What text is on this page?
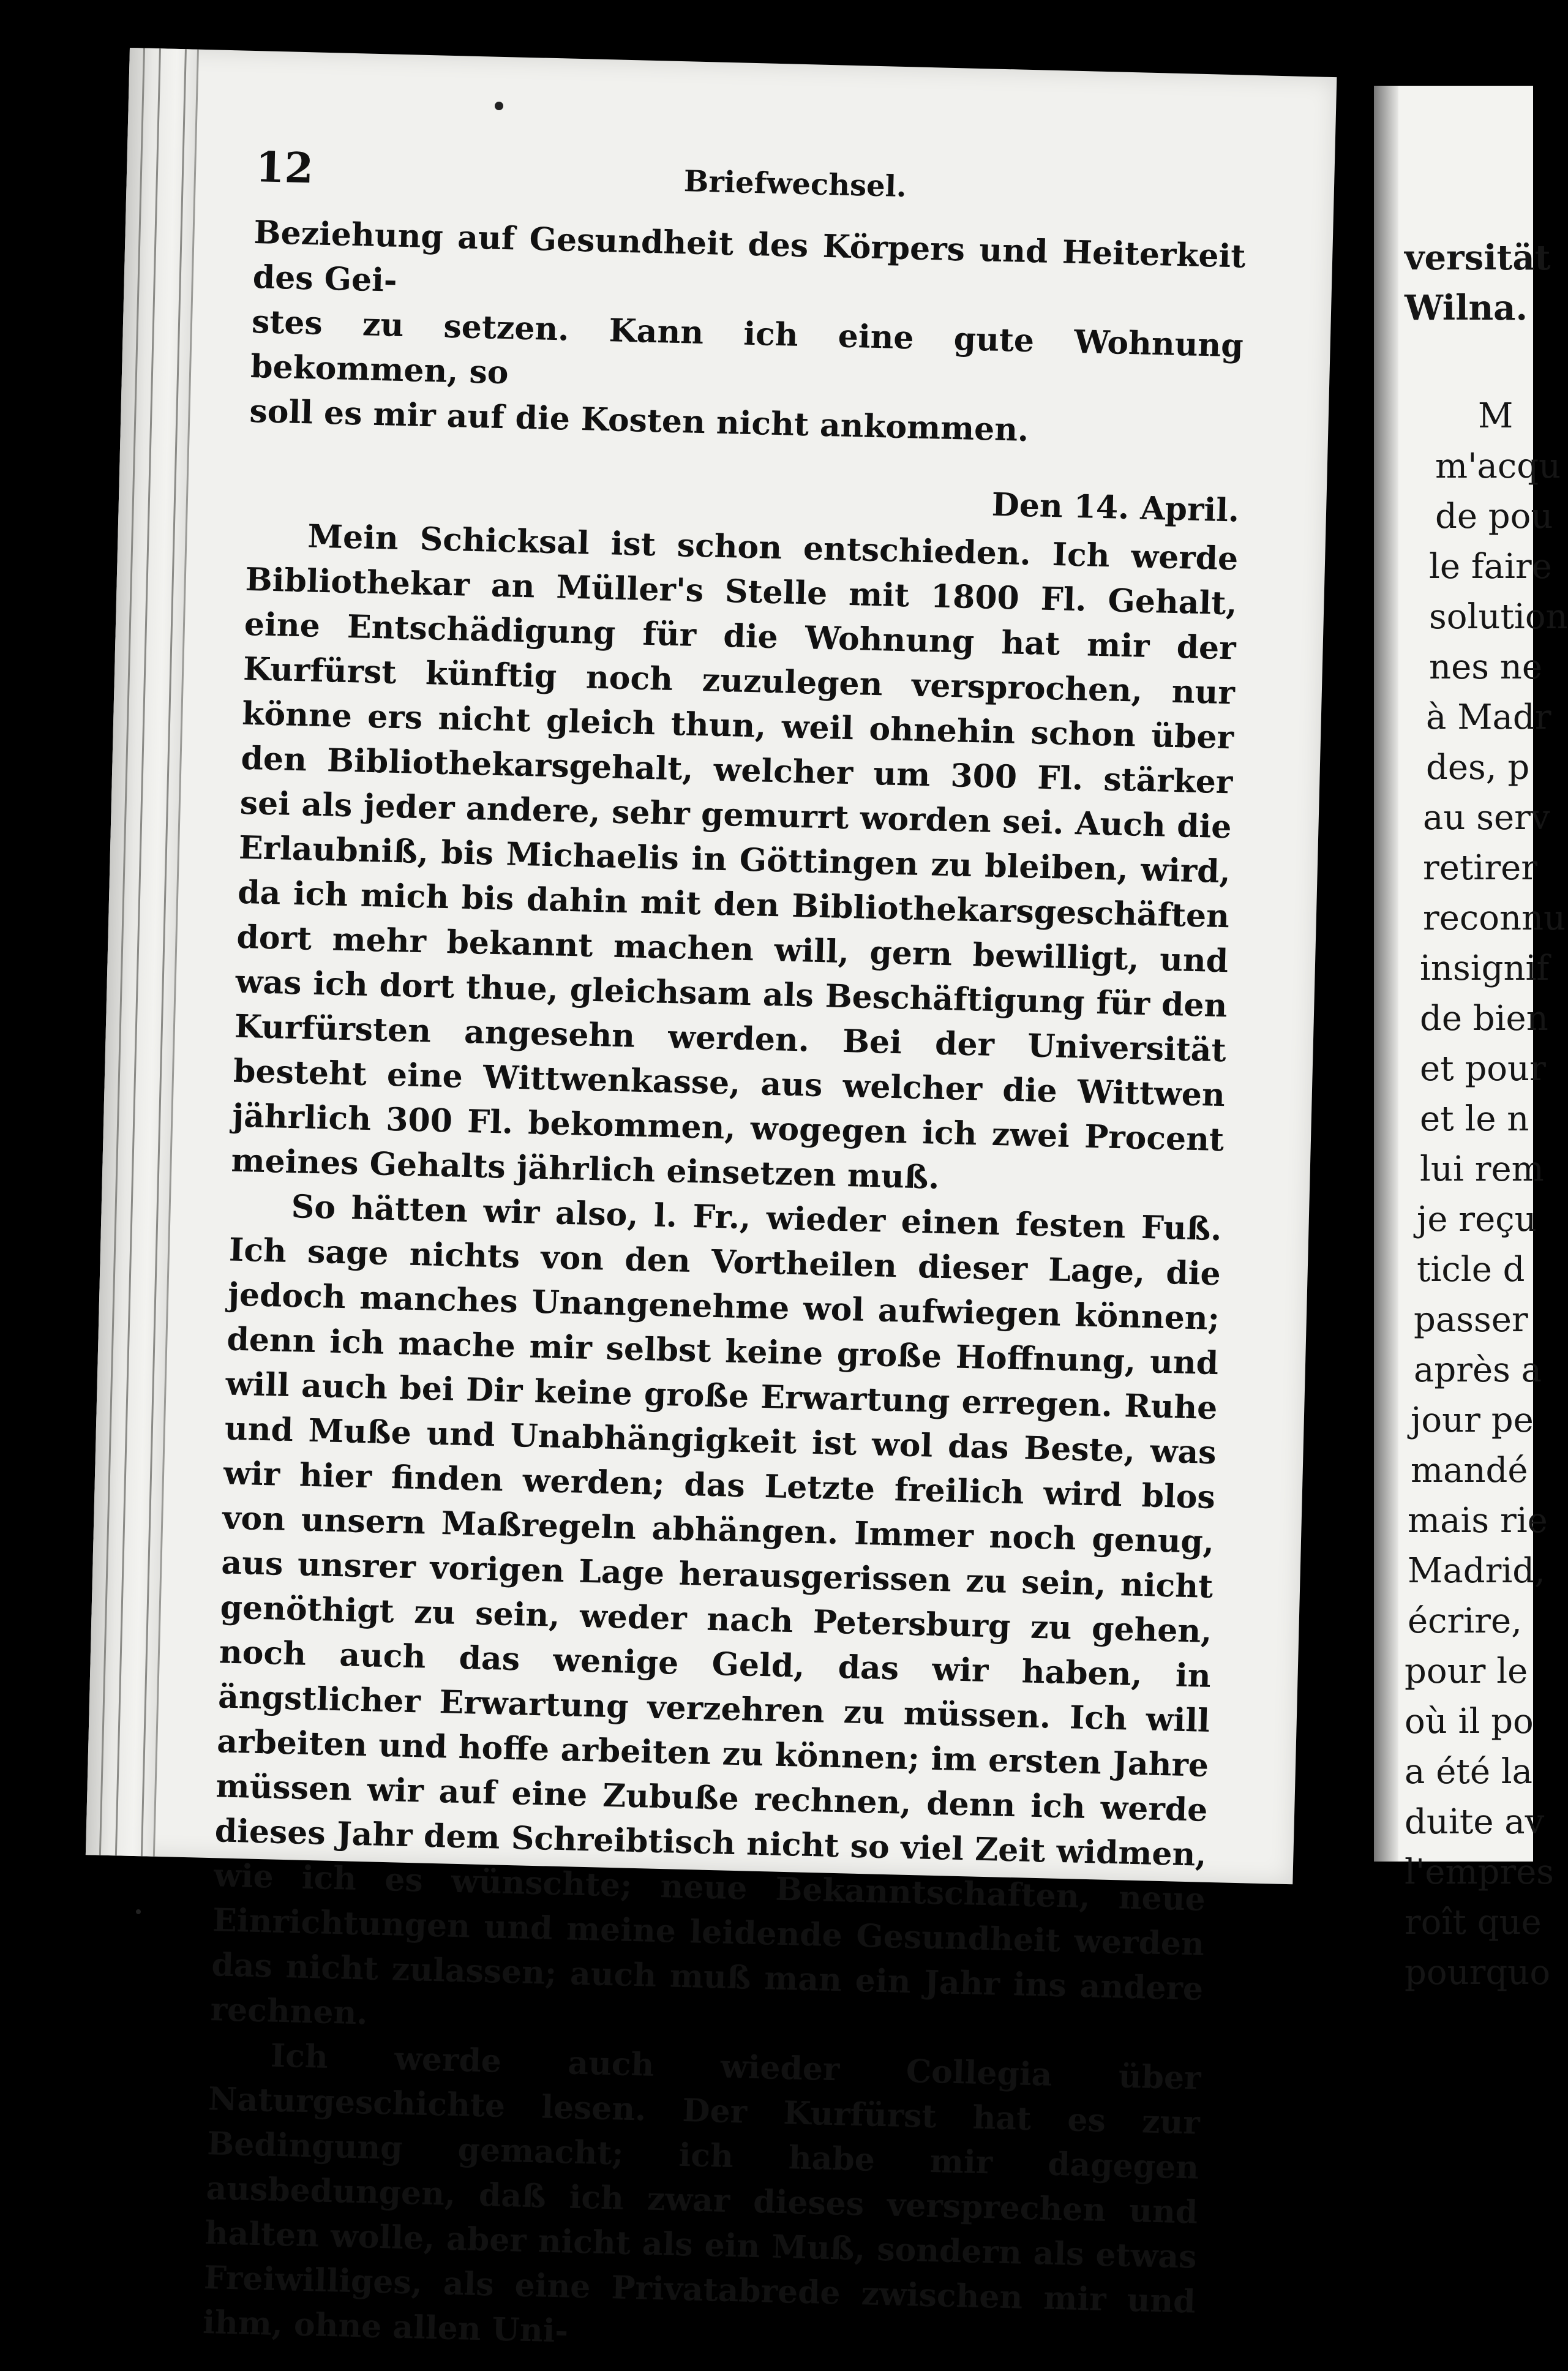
12	Briefwechsel.
Beziehung auf Gesundheit des Körpers und Heiterkeit des Gei-
stes zu setzen. Kann ich eine gute Wohnung bekommen, so
soll es mir auf die Kosten nicht ankommen.
Den 14. April.

Mein Schicksal ist schon entschieden. Ich werde Bibliothekar an Müller's Stelle mit 1800 Fl. Gehalt, eine Entschädigung für die Wohnung hat mir der Kurfürst künftig noch zuzulegen versprochen, nur könne ers nicht gleich thun, weil ohnehin schon über den Bibliothekarsgehalt, welcher um 300 Fl. stärker sei als jeder andere, sehr gemurrt worden sei. Auch die Erlaubniß, bis Michaelis in Göttingen zu bleiben, wird, da ich mich bis dahin mit den Bibliothekarsgeschäften dort mehr bekannt machen will, gern bewilligt, und was ich dort thue, gleichsam als Beschäftigung für den Kurfürsten angesehn werden. Bei der Universität besteht eine Wittwenkasse, aus welcher die Wittwen jährlich 300 Fl. bekommen, wogegen ich zwei Procent meines Gehalts jährlich einsetzen muß.

So hätten wir also, l. Fr., wieder einen festen Fuß. Ich sage nichts von den Vortheilen dieser Lage, die jedoch manches Unangenehme wol aufwiegen können; denn ich mache mir selbst keine große Hoffnung, und will auch bei Dir keine große Erwartung erregen. Ruhe und Muße und Unabhängigkeit ist wol das Beste, was wir hier finden werden; das Letzte freilich wird blos von unsern Maßregeln abhängen. Immer noch genug, aus unsrer vorigen Lage herausgerissen zu sein, nicht genöthigt zu sein, weder nach Petersburg zu gehen, noch auch das wenige Geld, das wir haben, in ängstlicher Erwartung verzehren zu müssen. Ich will arbeiten und hoffe arbeiten zu können; im ersten Jahre müssen wir auf eine Zubuße rechnen, denn ich werde dieses Jahr dem Schreibtisch nicht so viel Zeit widmen, wie ich es wünschte; neue Bekanntschaften, neue Einrichtungen und meine leidende Gesundheit werden das nicht zulassen; auch muß man ein Jahr ins andere rechnen.

Ich werde auch wieder Collegia über Naturgeschichte lesen. Der Kurfürst hat es zur Bedingung gemacht; ich habe mir dagegen ausbedungen, daß ich zwar dieses versprechen und halten wolle, aber nicht als ein Muß, sondern als etwas Freiwilliges, als eine Privatabrede zwischen mir und ihm, ohne allen Uni-

versität
Wilna.
M
m'acqu
de pou
le faire
solution
nes ne
à Madr
des, p
au serv
retirer
reconnu
insignif
de bien
et pour
et le n
lui rem
je reçu
ticle d
passer
après a
jour pe
mandé
mais rie
Madrid,
écrire,
pour le
où il po
a été la
duite av
l'empres
roît que
pourquo
